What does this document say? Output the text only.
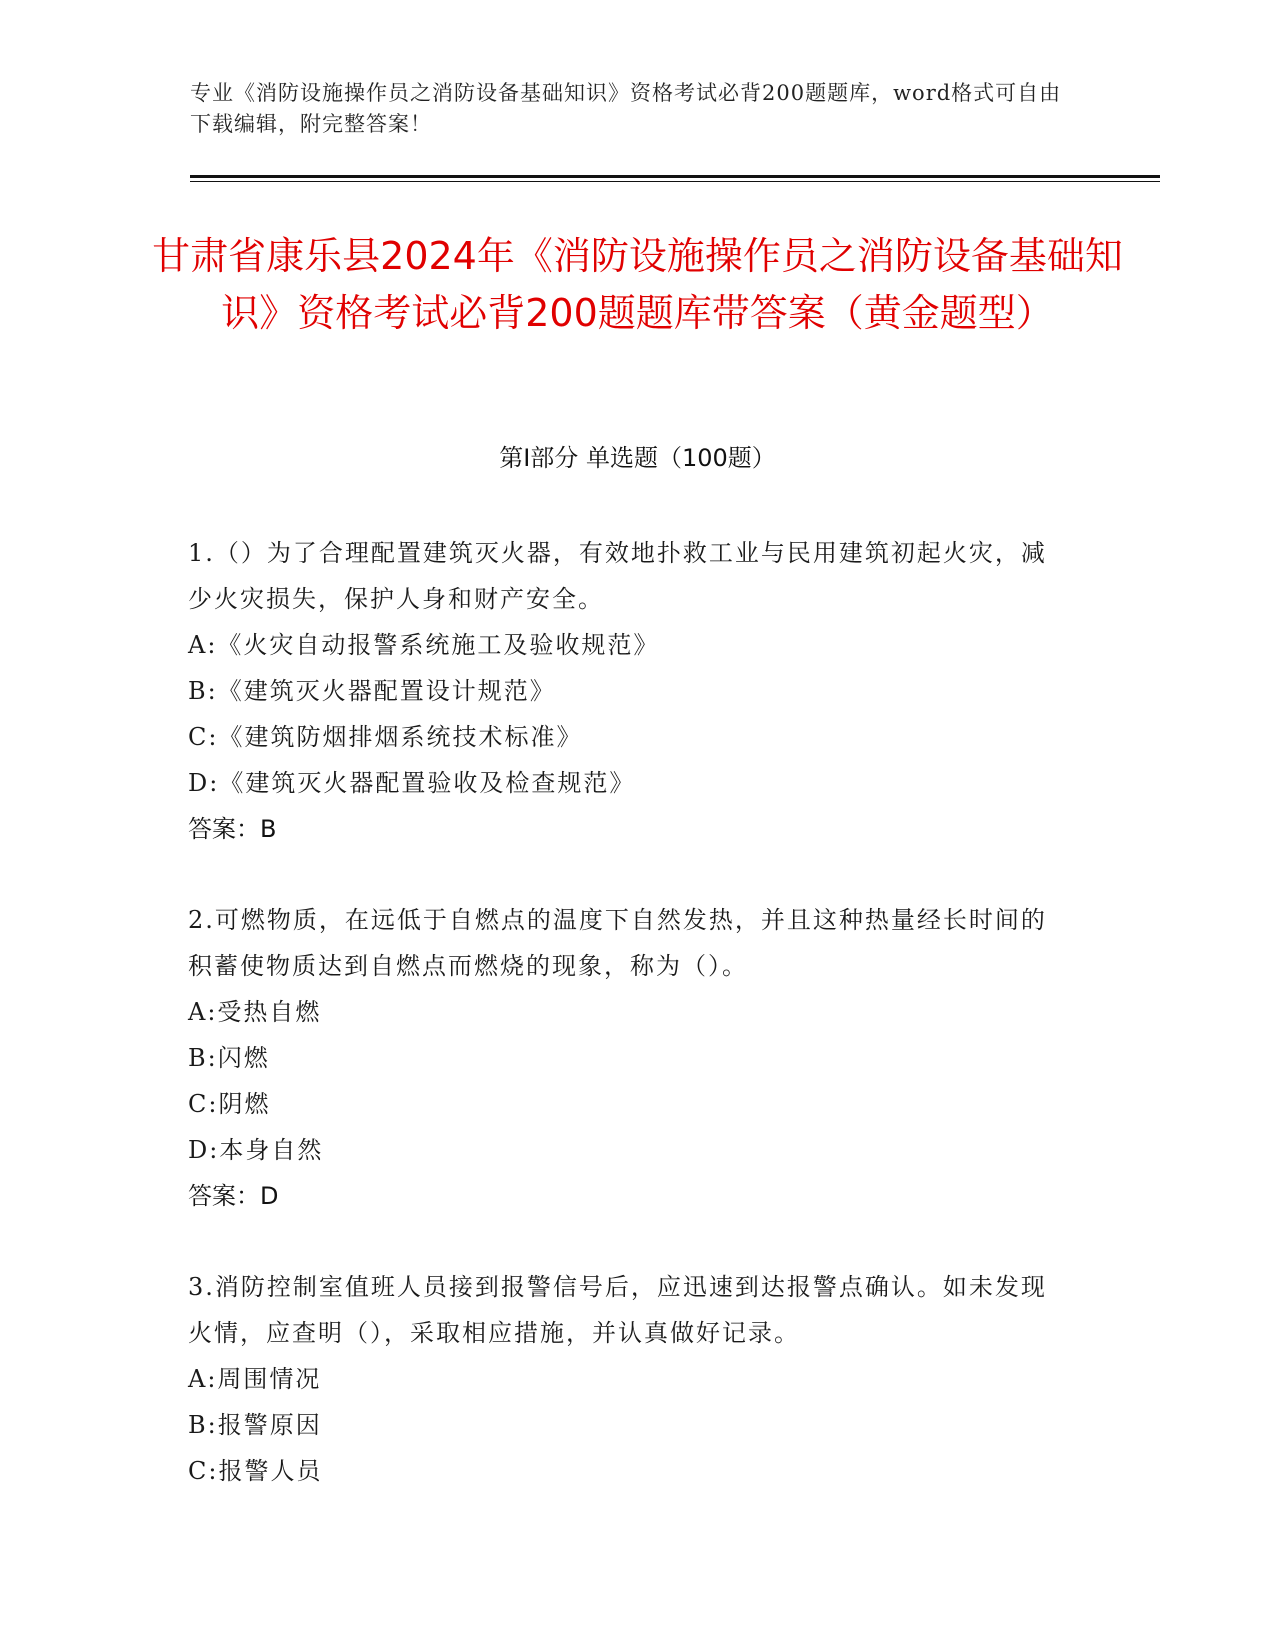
专业《消防设施操作员之消防设备基础知识》资格考试必背200题题库，word格式可自由下载编辑，附完整答案！
甘肃省康乐县2024年《消防设施操作员之消防设备基础知识》资格考试必背200题题库带答案（黄金题型）
第Ⅰ部分 单选题（100题）
1.（）为了合理配置建筑灭火器，有效地扑救工业与民用建筑初起火灾，减少火灾损失，保护人身和财产安全。
A:《火灾自动报警系统施工及验收规范》
B:《建筑灭火器配置设计规范》
C:《建筑防烟排烟系统技术标准》
D:《建筑灭火器配置验收及检查规范》
答案：B
2.可燃物质，在远低于自燃点的温度下自然发热，并且这种热量经长时间的积蓄使物质达到自燃点而燃烧的现象，称为（）。
A:受热自燃
B:闪燃
C:阴燃
D:本身自然
答案：D
3.消防控制室值班人员接到报警信号后，应迅速到达报警点确认。如未发现火情，应查明（），采取相应措施，并认真做好记录。
A:周围情况
B:报警原因
C:报警人员
